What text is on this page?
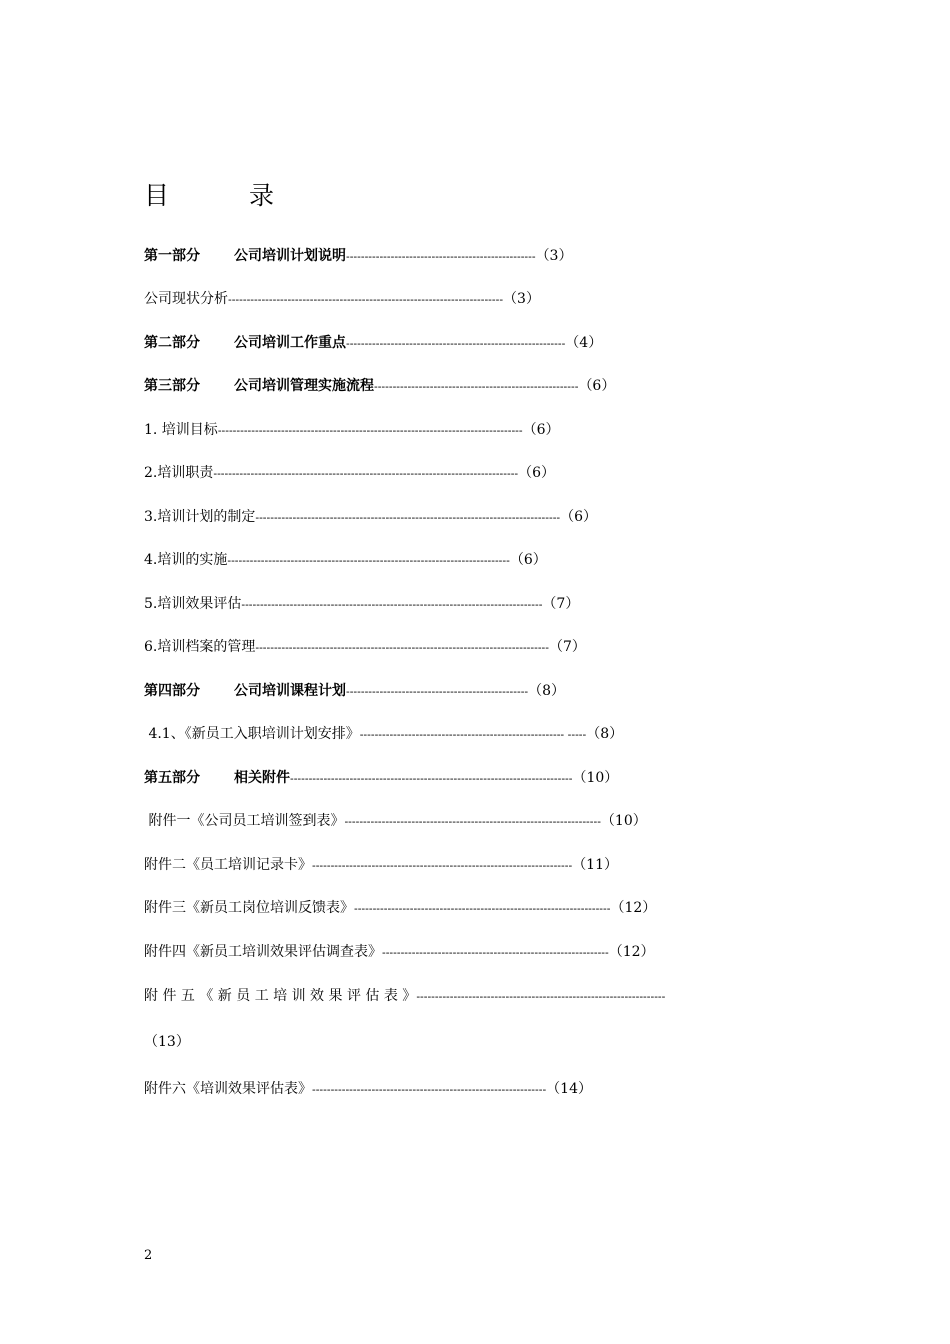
目 录
第一部分 公司培训计划说明---------------------------------------------------（3）
公司现状分析--------------------------------------------------------------------------（3）
第二部分 公司培训工作重点-----------------------------------------------------------（4）
第三部分 公司培训管理实施流程-------------------------------------------------------（6）
1. 培训目标----------------------------------------------------------------------------------（6）
2.培训职责----------------------------------------------------------------------------------（6）
3.培训计划的制定----------------------------------------------------------------------------------（6）
4.培训的实施----------------------------------------------------------------------------（6）
5.培训效果评估---------------------------------------------------------------------------------（7）
6.培训档案的管理-------------------------------------------------------------------------------（7）
第四部分 公司培训课程计划-------------------------------------------------（8）
4.1、《新员工入职培训计划安排》------------------------------------------------------- -----（8）
第五部分 相关附件----------------------------------------------------------------------------（10）
附件一《公司员工培训签到表》---------------------------------------------------------------------（10）
附件二《员工培训记录卡》----------------------------------------------------------------------（11）
附件三《新员工岗位培训反馈表》---------------------------------------------------------------------（12）
附件四《新员工培训效果评估调查表》-------------------------------------------------------------（12）
附 件 五 《 新 员 工 培 训 效 果 评 估 表 》-------------------------------------------------------------------
（13）
附件六《培训效果评估表》---------------------------------------------------------------（14）
2
